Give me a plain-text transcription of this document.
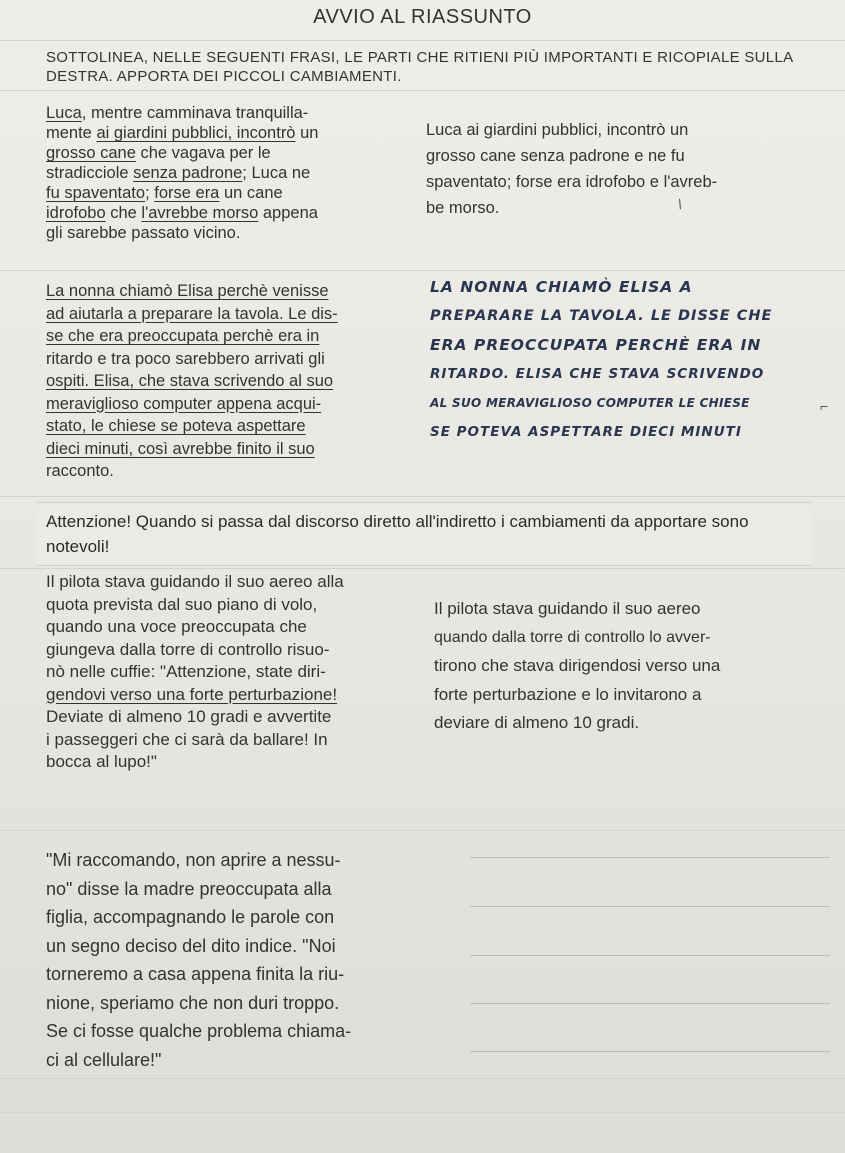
AVVIO AL RIASSUNTO
SOTTOLINEA, NELLE SEGUENTI FRASI, LE PARTI CHE RITIENI PIÙ IMPORTANTI E RICOPIALE SULLA DESTRA. APPORTA DEI PICCOLI CAMBIAMENTI.
Luca, mentre camminava tranquilla-
mente ai giardini pubblici, incontrò un
grosso cane che vagava per le
stradicciole senza padrone; Luca ne
fu spaventato; forse era un cane
idrofobo che l'avrebbe morso appena
gli sarebbe passato vicino.
Luca ai giardini pubblici, incontrò un
grosso cane senza padrone e ne fu
spaventato; forse era idrofobo e l'avreb-
be morso.
La nonna chiamò Elisa perchè venisse
ad aiutarla a preparare la tavola. Le dis-
se che era preoccupata perchè era in
ritardo e tra poco sarebbero arrivati gli
ospiti. Elisa, che stava scrivendo al suo
meraviglioso computer appena acqui-
stato, le chiese se poteva aspettare
dieci minuti, così avrebbe finito il suo
racconto.
LA NONNA CHIAMÒ ELISA A
PREPARARE LA TAVOLA. LE DISSE CHE
ERA PREOCCUPATA PERCHÈ ERA IN
RITARDO. ELISA CHE STAVA SCRIVENDO
AL SUO MERAVIGLIOSO COMPUTER LE CHIESE
SE POTEVA ASPETTARE DIECI MINUTI

Attenzione! Quando si passa dal discorso diretto all'indiretto i cambiamenti da apportare sono notevoli!

Il pilota stava guidando il suo aereo alla
quota prevista dal suo piano di volo,
quando una voce preoccupata che
giungeva dalla torre di controllo risuo-
nò nelle cuffie: "Attenzione, state diri-
gendovi verso una forte perturbazione!
Deviate di almeno 10 gradi e avvertite
i passeggeri che ci sarà da ballare! In
bocca al lupo!"
Il pilota stava guidando il suo aereo
quando dalla torre di controllo lo avver-
tirono che stava dirigendosi verso una
forte perturbazione e lo invitarono a
deviare di almeno 10 gradi.
"Mi raccomando, non aprire a nessu-
no" disse la madre preoccupata alla
figlia, accompagnando le parole con
un segno deciso del dito indice. "Noi
torneremo a casa appena finita la riu-
nione, speriamo che non duri troppo.
Se ci fosse qualche problema chiama-
ci al cellulare!"
/
⌐
